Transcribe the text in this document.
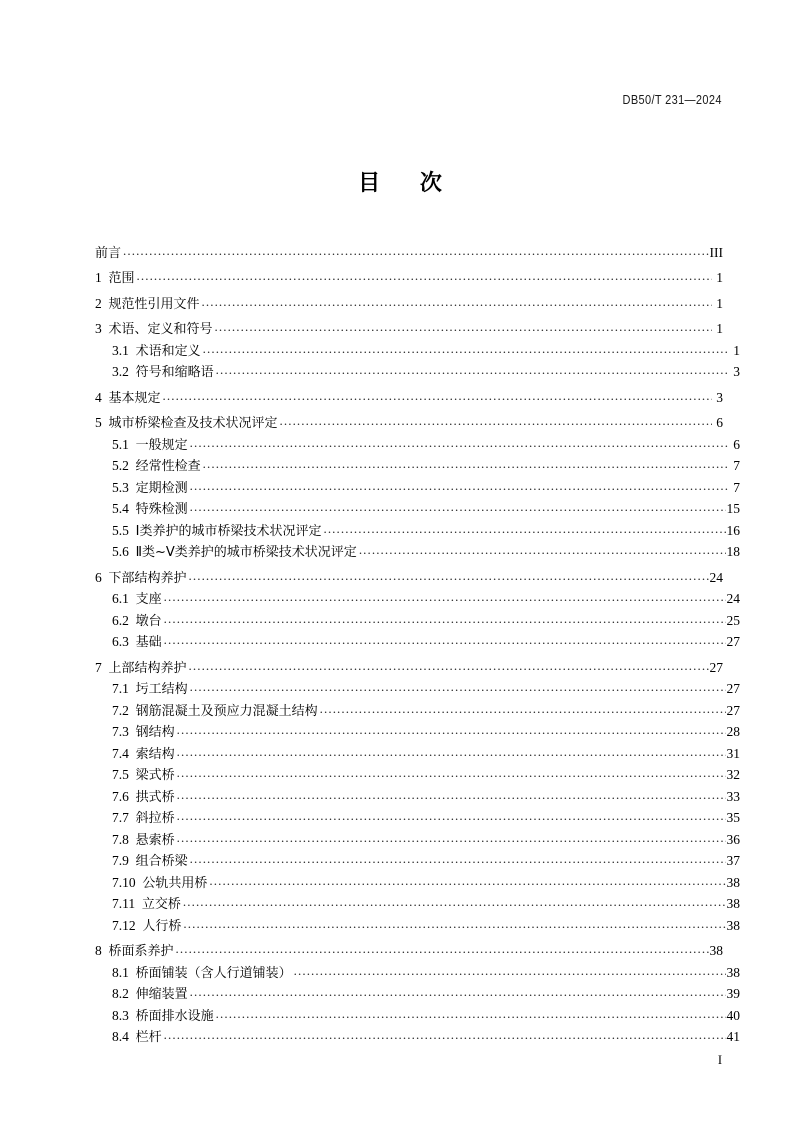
DB50/T 231—2024
目 次
前言 .....	III
1  范围 .....	1
2  规范性引用文件 .....	1
3  术语、定义和符号 .....	1
3.1  术语和定义 .....	1
3.2  符号和缩略语 .....	3
4  基本规定 .....	3
5  城市桥梁检查及技术状况评定 .....	6
5.1  一般规定 .....	6
5.2  经常性检查 .....	7
5.3  定期检测 .....	7
5.4  特殊检测 .....	15
5.5  Ⅰ类养护的城市桥梁技术状况评定 .....	16
5.6  Ⅱ类~Ⅴ类养护的城市桥梁技术状况评定 .....	18
6  下部结构养护 .....	24
6.1  支座 .....	24
6.2  墩台 .....	25
6.3  基础 .....	27
7  上部结构养护 .....	27
7.1  圬工结构 .....	27
7.2  钢筋混凝土及预应力混凝土结构 .....	27
7.3  钢结构 .....	28
7.4  索结构 .....	31
7.5  梁式桥 .....	32
7.6  拱式桥 .....	33
7.7  斜拉桥 .....	35
7.8  悬索桥 .....	36
7.9  组合桥梁 .....	37
7.10  公轨共用桥 .....	38
7.11  立交桥 .....	38
7.12  人行桥 .....	38
8  桥面系养护 .....	38
8.1  桥面铺装（含人行道铺装） .....	38
8.2  伸缩装置 .....	39
8.3  桥面排水设施 .....	40
8.4  栏杆 .....	41
I
